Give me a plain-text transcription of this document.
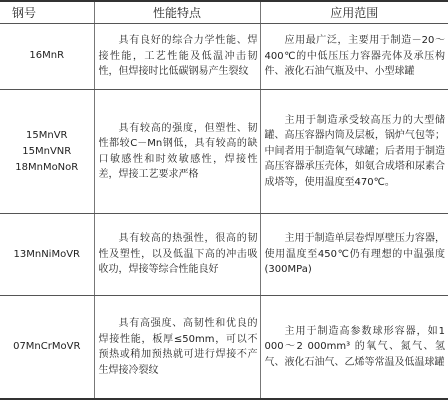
钢号	性能特点	应用范围
16MnR	具有良好的综合力学性能、焊接性能，工艺性能及低温冲击韧性，但焊接时比低碳钢易产生裂纹	应用最广泛，主要用于制造－20～400℃的中低压压力容器壳体及承压构件、液化石油气瓶及中、小型球罐

15MnVR
15MnVNR
18MnMoNoR	具有较高的强度，但塑性、韧性都较C－Mn钢低，具有较高的缺口敏感性和时效敏感性，焊接性差，焊接工艺要求严格	主用于制造承受较高压力的大型储罐、高压容器内筒及层板，锅炉气包等；中间者用于制造氧气球罐；后者用于制造高压容器承压壳体，如氨合成塔和尿素合成塔等，使用温度至470℃。

13MnNiMoVR	具有较高的热强性，很高的韧性及塑性，以及低温下高的冲击吸收功，焊接等综合性能良好	主用于制造单层卷焊厚壁压力容器，使用温度至450℃仍有理想的中温强度(300MPa)

07MnCrMoVR	具有高强度、高韧性和优良的焊接性能，板厚≤50mm，可以不预热或稍加预热就可进行焊接不产生焊接冷裂纹	主用于制造高参数球形容器，如1 000～2 000mm³ 的氧气、氮气、氢气、液化石油气、乙烯等常温及低温球罐
